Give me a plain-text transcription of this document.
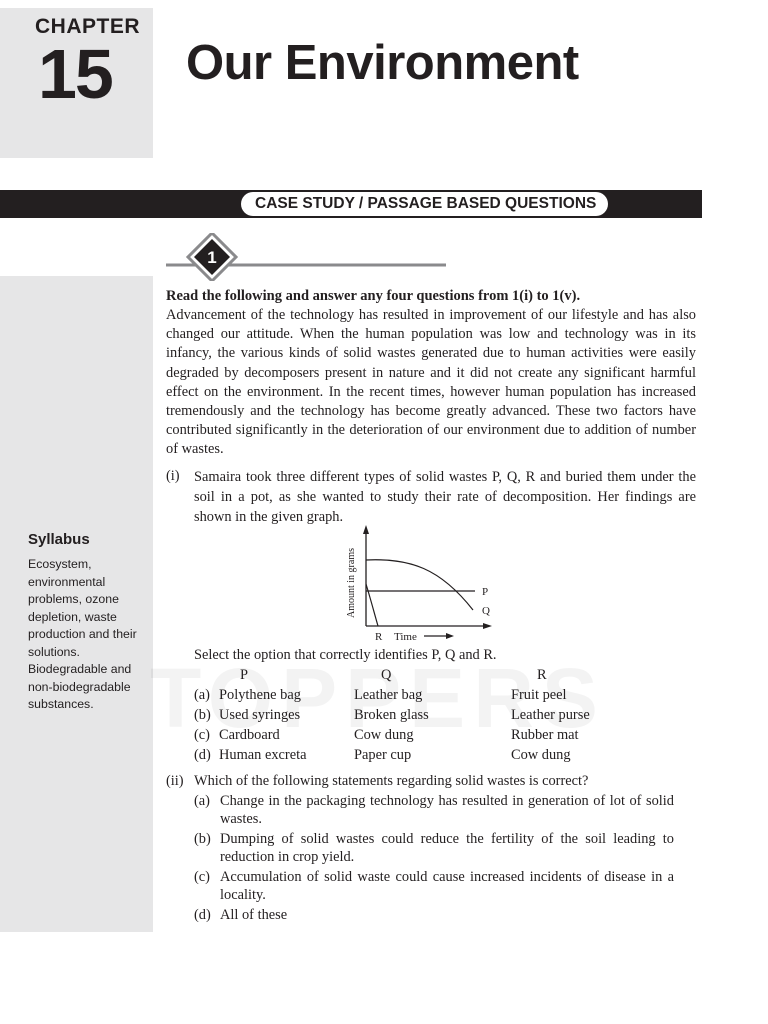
CHAPTER
15 Our Environment
CASE STUDY / PASSAGE BASED QUESTIONS
1
Syllabus
Ecosystem, environmental problems, ozone depletion, waste production and their solutions. Biodegradable and non-biodegradable substances.
Read the following and answer any four questions from 1(i) to 1(v).
Advancement of the technology has resulted in improvement of our lifestyle and has also changed our attitude. When the human population was low and technology was in its infancy, the various kinds of solid wastes generated due to human activities were easily degraded by decomposers present in nature and it did not create any significant harmful effect on the environment. In the recent times, however human population has increased tremendously and the technology has become greatly advanced. These two factors have contributed significantly in the deterioration of our environment due to addition of number of wastes.
(i) Samaira took three different types of solid wastes P, Q, R and buried them under the soil in a pot, as she wanted to study their rate of decomposition. Her findings are shown in the given graph.
Amount in grams	P
Q
R Time
Select the option that correctly identifies P, Q and R.
P	Q	R
(a) Polythene bag	Leather bag	Fruit peel
(b) Used syringes	Broken glass	Leather purse
(c) Cardboard	Cow dung	Rubber mat
(d) Human excreta	Paper cup	Cow dung
(ii) Which of the following statements regarding solid wastes is correct?
(a) Change in the packaging technology has resulted in generation of lot of solid wastes.
(b) Dumping of solid wastes could reduce the fertility of the soil leading to reduction in crop yield.
(c) Accumulation of solid waste could cause increased incidents of disease in a locality.
(d) All of these
